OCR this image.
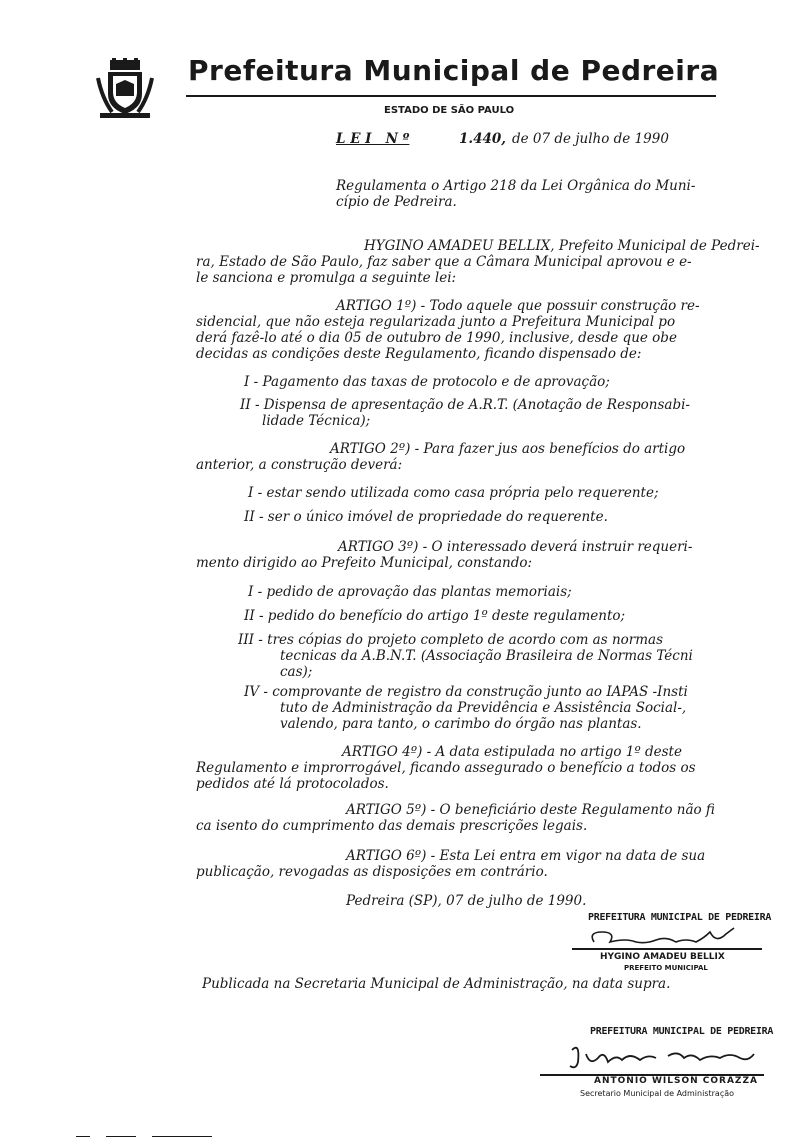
Prefeitura Municipal de Pedreira
ESTADO DE SÃO PAULO
L E I   N º	1.440, de 07 de julho de 1990
Regulamenta o Artigo 218 da Lei Orgânica do Muni-
cípio de Pedreira.
HYGINO AMADEU BELLIX, Prefeito Municipal de Pedrei-
ra, Estado de São Paulo, faz saber que a Câmara Municipal aprovou e e-
le sanciona e promulga a seguinte lei:
ARTIGO 1º) - Todo aquele que possuir construção re-
sidencial, que não esteja regularizada junto a Prefeitura Municipal po
derá fazê-lo até o dia 05 de outubro de 1990, inclusive, desde que obe
decidas as condições deste Regulamento, ficando dispensado de:
I - Pagamento das taxas de protocolo e de aprovação;
II - Dispensa de apresentação de A.R.T. (Anotação de Responsabi-
lidade Técnica);
ARTIGO 2º) - Para fazer jus aos benefícios do artigo
anterior, a construção deverá:
I - estar sendo utilizada como casa própria pelo requerente;
II - ser o único imóvel de propriedade do requerente.
ARTIGO 3º) - O interessado deverá instruir requeri-
mento dirigido ao Prefeito Municipal, constando:
I - pedido de aprovação das plantas memoriais;
II - pedido do benefício do artigo 1º deste regulamento;
III - tres cópias do projeto completo de acordo com as normas
tecnicas da A.B.N.T. (Associação Brasileira de Normas Técni
cas);
IV - comprovante de registro da construção junto ao IAPAS -Insti
tuto de Administração da Previdência e Assistência Social-,
valendo, para tanto, o carimbo do órgão nas plantas.
ARTIGO 4º) - A data estipulada no artigo 1º deste
Regulamento e improrrogável, ficando assegurado o benefício a todos os
pedidos até lá protocolados.
ARTIGO 5º) - O beneficiário deste Regulamento não fi
ca isento do cumprimento das demais prescrições legais.
ARTIGO 6º) - Esta Lei entra em vigor na data de sua
publicação, revogadas as disposições em contrário.
Pedreira (SP), 07 de julho de 1990.
PREFEITURA MUNICIPAL DE PEDREIRA
HYGINO AMADEU BELLIX
PREFEITO MUNICIPAL
Publicada na Secretaria Municipal de Administração, na data supra.
PREFEITURA MUNICIPAL DE PEDREIRA
ANTONIO WILSON CORAZZA
Secretario Municipal de Administração
